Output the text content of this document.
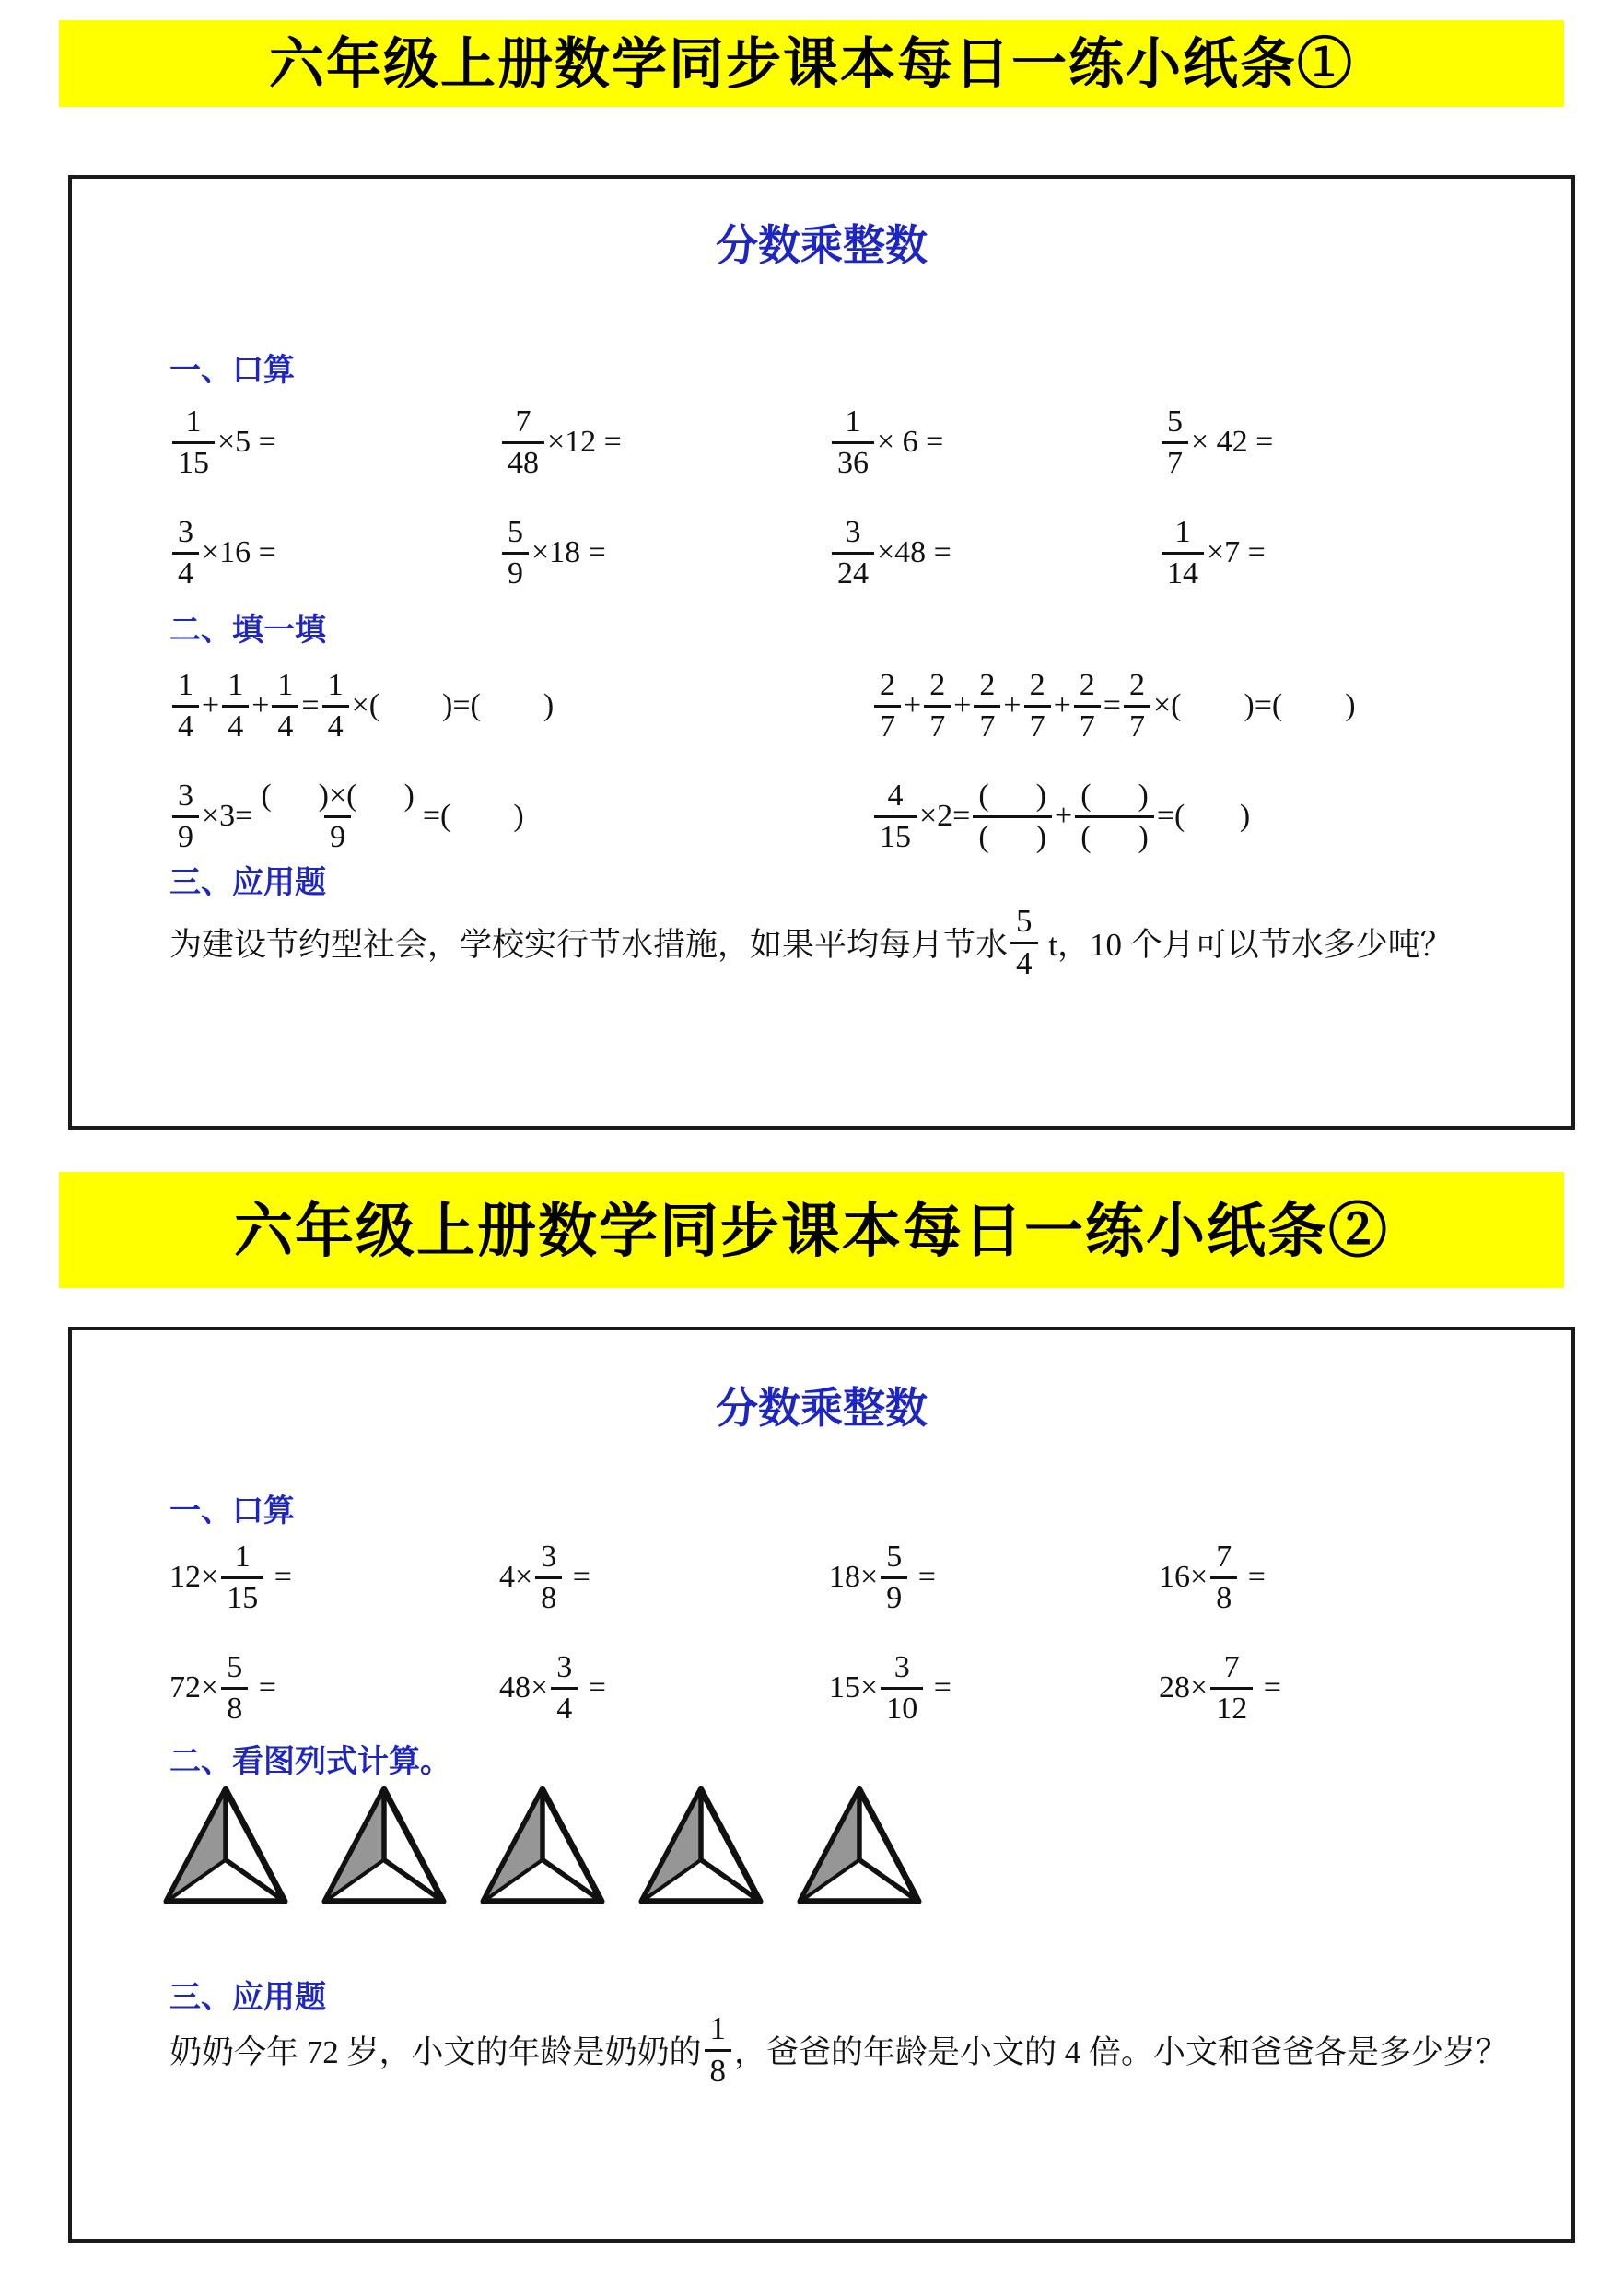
六年级上册数学同步课本每日一练小纸条①
分数乘整数
一、口算
$\frac{1}{15} \times 5$ =	$\frac{7}{48} \times 12$ =	$\frac{1}{36} \times 6$ =	$\frac{5}{7} \times 42$ =
$\frac{3}{4} \times 16$ =	$\frac{5}{9} \times 18$ =	$\frac{3}{24} \times 48$ =	$\frac{1}{14} \times 7$ =
二、填一填
$\frac{1}{4} + \frac{1}{4} + \frac{1}{4} = \frac{1}{4}$ ×(        )=(        )	$\frac{2}{7} + \frac{2}{7} + \frac{2}{7} + \frac{2}{7} + \frac{2}{7} = \frac{2}{7}$ ×(        )=(        )
$\frac{3}{9} \times 3= \frac{( )\times( )}{9}$ =(        )	$\frac{4}{15} \times 2= \frac{( )}{( )} + \frac{( )}{( )}$ =(       )
三、应用题
为建设节约型社会，学校实行节水措施，如果平均每月节水 $\frac{5}{4}$ t，10 个月可以节水多少吨？
六年级上册数学同步课本每日一练小纸条②
分数乘整数
一、口算
$12\times \frac{1}{15}$ =	$4\times \frac{3}{8}$ =	$18\times \frac{5}{9}$ =	$16\times \frac{7}{8}$ =
$72\times \frac{5}{8}$ =	$48\times \frac{3}{4}$ =	$15\times \frac{3}{10}$ =	$28\times \frac{7}{12}$ =
二、看图列式计算。
三、应用题
奶奶今年 72 岁，小文的年龄是奶奶的 $\frac{1}{8}$ ，爸爸的年龄是小文的 4 倍。小文和爸爸各是多少岁？
